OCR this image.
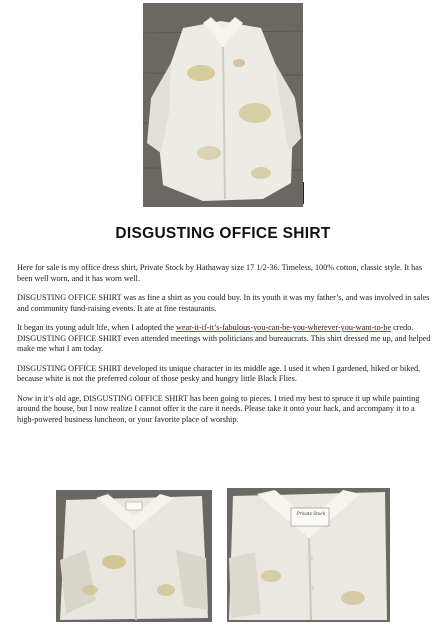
DISGUSTING OFFICE SHIRT

Here for sale is my office dress shirt, Private Stock by Hathaway size 17 1/2-36. Timeless, 100% cotton, classic style. It has been well worn, and it has worn well.

DISGUSTING OFFICE SHIRT was as fine a shirt as you could buy. In its youth it was my father’s, and was involved in sales and community fund-raising events. It ate at fine restaurants.

It began its young adult life, when I adopted the wear-it-if-it’s-fabulous-you-can-be-you-wherever-you-want-to-be credo. DISGUSTING OFFICE SHIRT even attended meetings with politicians and bureaucrats. This shirt dressed me up, and helped make me what I am today.

DISGUSTING OFFICE SHIRT developed its unique character in its middle age. I used it when I gardened, hiked or biked, because white is not the preferred colour of those pesky and hungry little Black Flies.

Now in it’s old age, DISGUSTING OFFICE SHIRT has been going to pieces. I tried my best to spruce it up while painting around the house, but I now realize I cannot offer it the care it needs. Please take it onto your back, and accompany it to a high-powered business luncheon, or your favorite place of worship.

Private Stock
